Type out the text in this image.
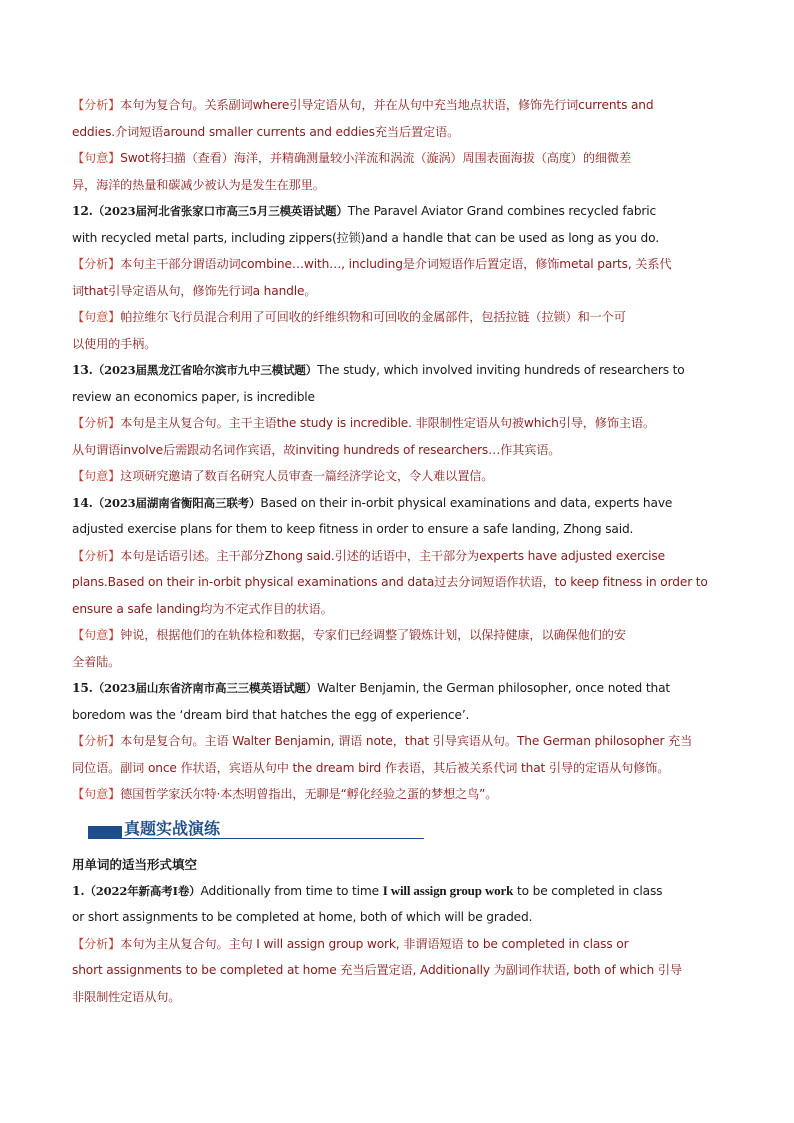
【分析】本句为复合句。关系副词where引导定语从句，并在从句中充当地点状语，修饰先行词currents and
eddies.介词短语around smaller currents and eddies充当后置定语。
【句意】Swot将扫描（查看）海洋，并精确测量较小洋流和涡流（漩涡）周围表面海拔（高度）的细微差
异，海洋的热量和碳减少被认为是发生在那里。
12.（2023届河北省张家口市高三5月三模英语试题）The Paravel Aviator Grand combines recycled fabric
with recycled metal parts, including zippers(拉锁)and a handle that can be used as long as you do.
【分析】本句主干部分谓语动词combine…with…, including是介词短语作后置定语，修饰metal parts, 关系代
词that引导定语从句，修饰先行词a handle。
【句意】帕拉维尔飞行员混合利用了可回收的纤维织物和可回收的金属部件，包括拉链（拉锁）和一个可
以使用的手柄。
13.（2023届黑龙江省哈尔滨市九中三模试题）The study, which involved inviting hundreds of researchers to
review an economics paper, is incredible
【分析】本句是主从复合句。主干主语the study is incredible. 非限制性定语从句被which引导，修饰主语。
从句谓语involve后需跟动名词作宾语，故inviting hundreds of researchers…作其宾语。
【句意】这项研究邀请了数百名研究人员审查一篇经济学论文，令人难以置信。
14.（2023届湖南省衡阳高三联考）Based on their in-orbit physical examinations and data, experts have
adjusted exercise plans for them to keep fitness in order to ensure a safe landing, Zhong said.
【分析】本句是话语引述。主干部分Zhong said.引述的话语中，主干部分为experts have adjusted exercise
plans.Based on their in-orbit physical examinations and data过去分词短语作状语，to keep fitness in order to
ensure a safe landing均为不定式作目的状语。
【句意】钟说，根据他们的在轨体检和数据，专家们已经调整了锻炼计划，以保持健康，以确保他们的安
全着陆。
15.（2023届山东省济南市高三三模英语试题）Walter Benjamin, the German philosopher, once noted that
boredom was the ‘dream bird that hatches the egg of experience’.
【分析】本句是复合句。主语 Walter Benjamin, 谓语 note，that 引导宾语从句。The German philosopher 充当
同位语。副词 once 作状语，宾语从句中 the dream bird 作表语，其后被关系代词 that 引导的定语从句修饰。
【句意】德国哲学家沃尔特·本杰明曾指出，无聊是“孵化经验之蛋的梦想之鸟”。
真题实战演练
用单词的适当形式填空
1.（2022年新高考I卷）Additionally from time to time I will assign group work to be completed in class
or short assignments to be completed at home, both of which will be graded.
【分析】本句为主从复合句。主句 I will assign group work, 非谓语短语 to be completed in class or
short assignments to be completed at home 充当后置定语, Additionally 为副词作状语, both of which 引导
非限制性定语从句。
